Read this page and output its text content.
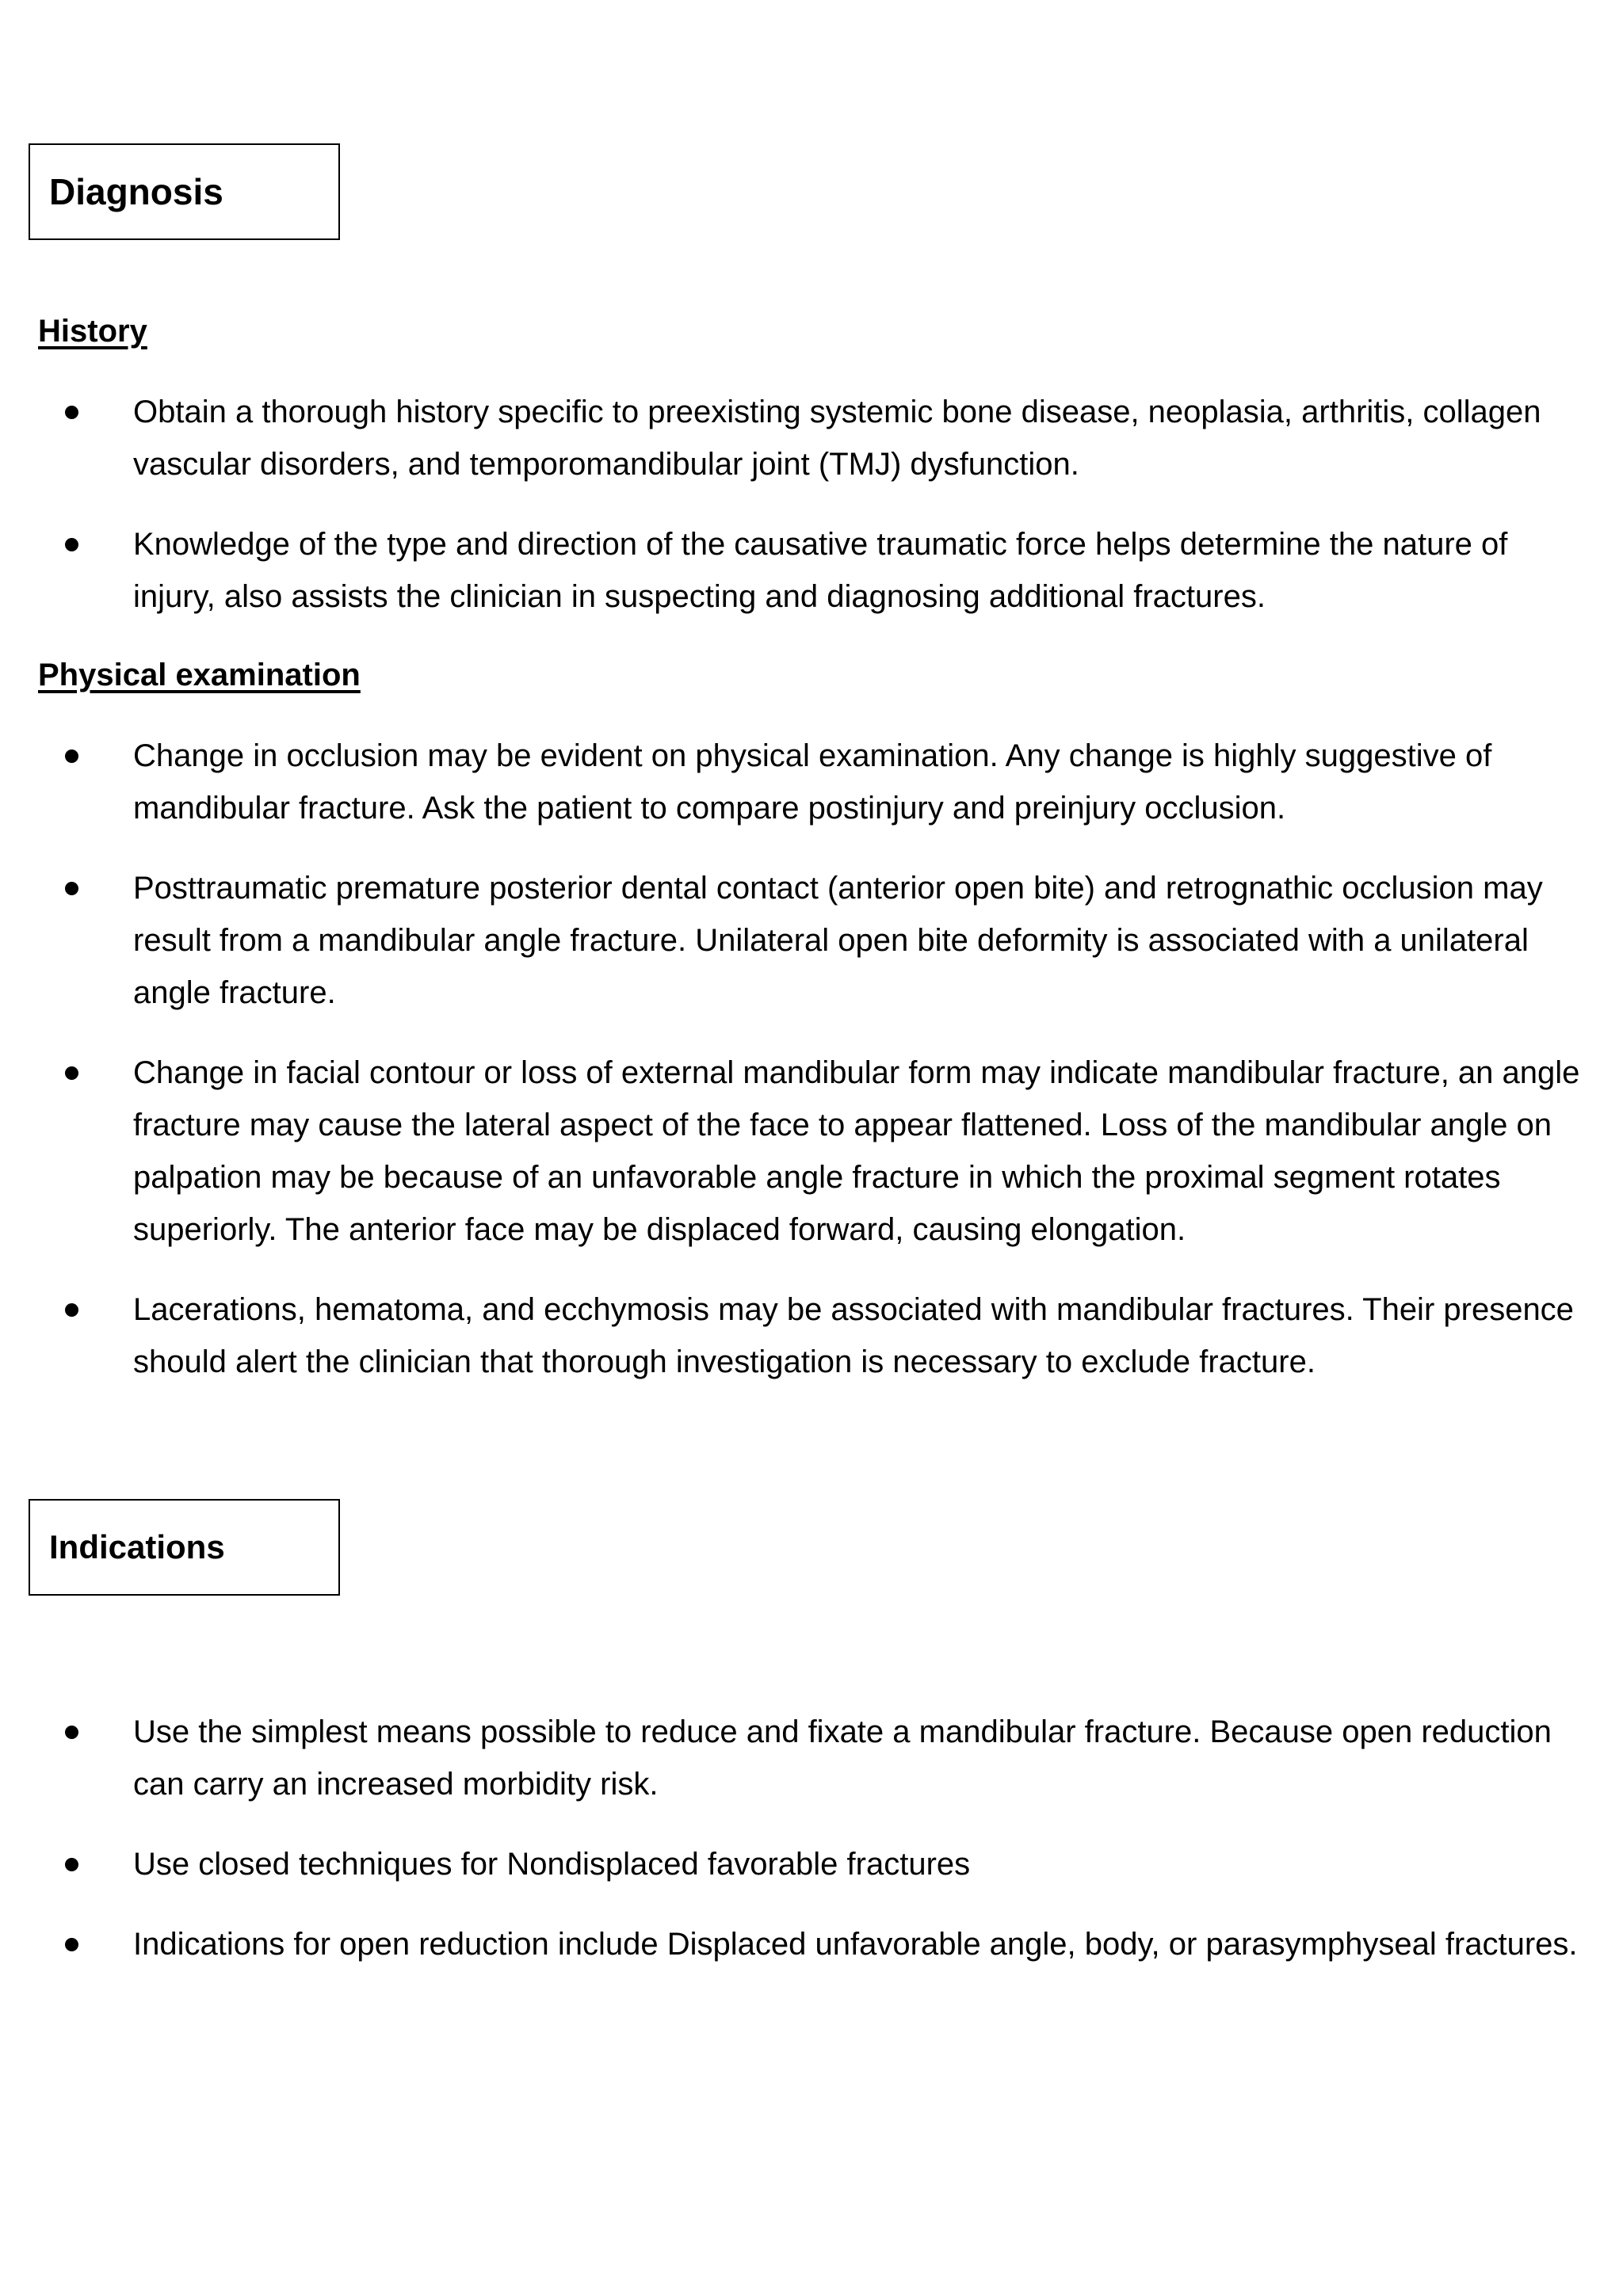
Diagnosis
History
Obtain a thorough history specific to preexisting systemic bone disease, neoplasia, arthritis, collagen vascular disorders, and temporomandibular joint (TMJ) dysfunction.
Knowledge of the type and direction of the causative traumatic force helps determine the nature of injury, also assists the clinician in suspecting and diagnosing additional fractures.
Physical examination
Change in occlusion may be evident on physical examination. Any change is highly suggestive of mandibular fracture. Ask the patient to compare postinjury and preinjury occlusion.
Posttraumatic premature posterior dental contact (anterior open bite) and retrognathic occlusion may result from a mandibular angle fracture. Unilateral open bite deformity is associated with a unilateral angle fracture.
Change in facial contour or loss of external mandibular form may indicate mandibular fracture, an angle fracture may cause the lateral aspect of the face to appear flattened. Loss of the mandibular angle on palpation may be because of an unfavorable angle fracture in which the proximal segment rotates superiorly. The anterior face may be displaced forward, causing elongation.
Lacerations, hematoma, and ecchymosis may be associated with mandibular fractures. Their presence should alert the clinician that thorough investigation is necessary to exclude fracture.
Indications
Use the simplest means possible to reduce and fixate a mandibular fracture. Because open reduction can carry an increased morbidity risk.
Use closed techniques for Nondisplaced favorable fractures
Indications for open reduction include Displaced unfavorable angle, body, or parasymphyseal fractures.
